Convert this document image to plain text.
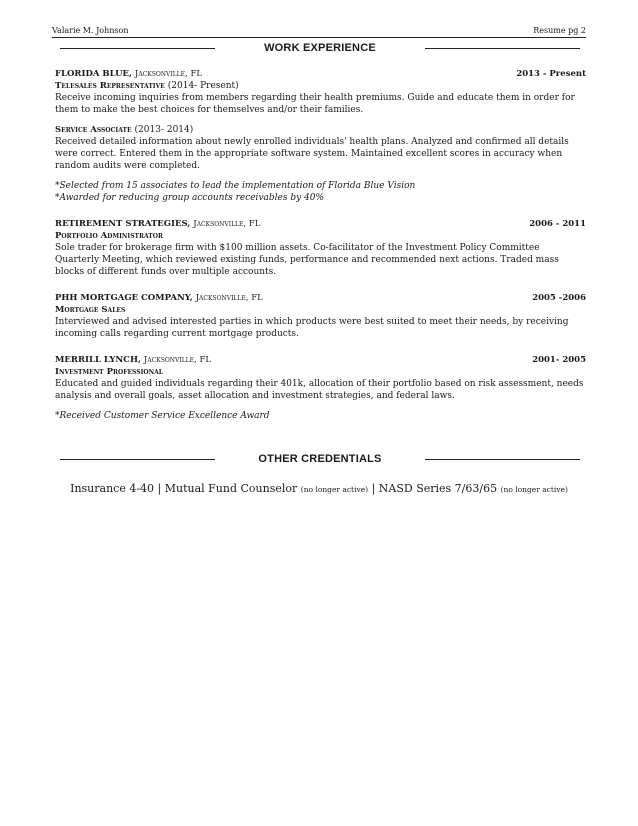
Valarie M. Johnson	Resume pg 2
WORK EXPERIENCE
FLORIDA BLUE, Jacksonville, FL	2013 - Present
Telesales Representative (2014- Present)

Receive incoming inquiries from members regarding their health premiums. Guide and educate them in order for them to make the best choices for themselves and/or their families.

Service Associate (2013- 2014)

Received detailed information about newly enrolled individuals' health plans. Analyzed and confirmed all details were correct. Entered them in the appropriate software system. Maintained excellent scores in accuracy when random audits were completed.

*Selected from 15 associates to lead the implementation of Florida Blue Vision
*Awarded for reducing group accounts receivables by 40%

RETIREMENT STRATEGIES, Jacksonville, FL	2006 - 2011
Portfolio Administrator

Sole trader for brokerage firm with $100 million assets. Co-facilitator of the Investment Policy Committee Quarterly Meeting, which reviewed existing funds, performance and recommended next actions. Traded mass blocks of different funds over multiple accounts.

PHH MORTGAGE COMPANY, Jacksonville, FL	2005 -2006
Mortgage Sales

Interviewed and advised interested parties in which products were best suited to meet their needs, by receiving incoming calls regarding current mortgage products.

MERRILL LYNCH, Jacksonville, FL	2001- 2005
Investment Professional

Educated and guided individuals regarding their 401k, allocation of their portfolio based on risk assessment, needs analysis and overall goals, asset allocation and investment strategies, and federal laws.

*Received Customer Service Excellence Award

OTHER CREDENTIALS
Insurance 4-40 | Mutual Fund Counselor (no longer active) | NASD Series 7/63/65 (no longer active)
